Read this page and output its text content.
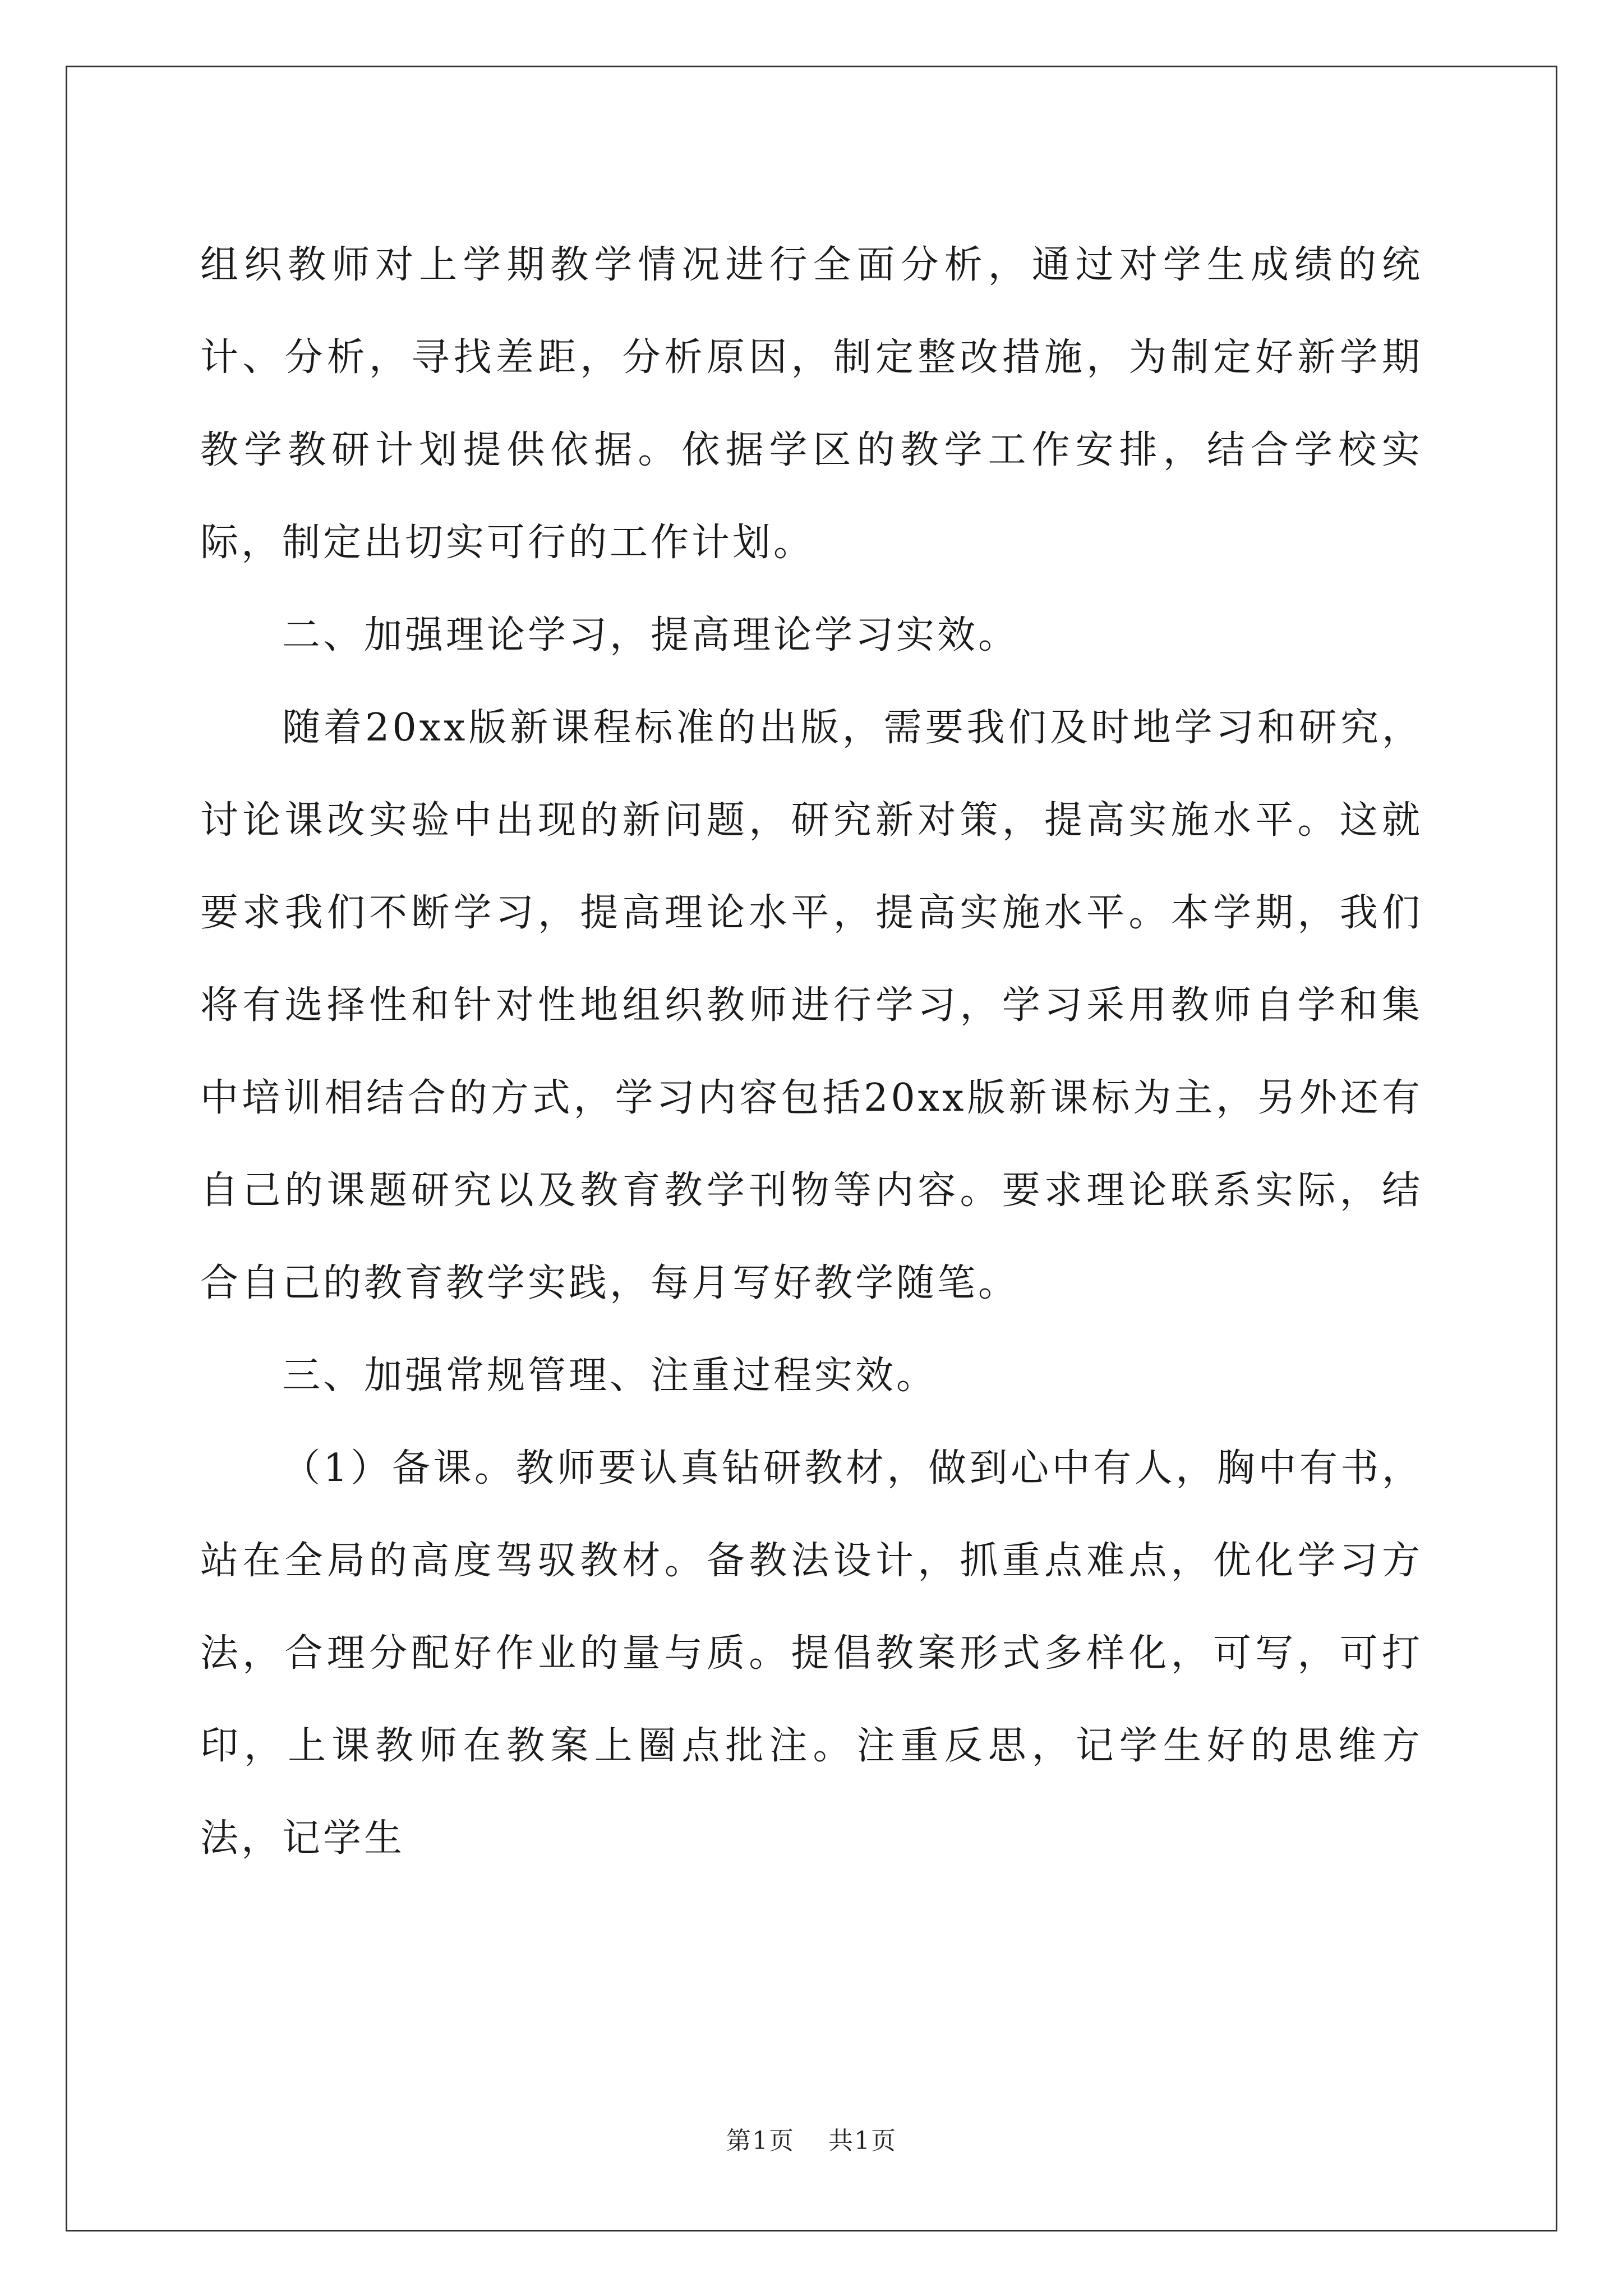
组织教师对上学期教学情况进行全面分析，通过对学生成绩的统计、分析，寻找差距，分析原因，制定整改措施，为制定好新学期教学教研计划提供依据。依据学区的教学工作安排，结合学校实际，制定出切实可行的工作计划。

二、加强理论学习，提高理论学习实效。

随着20xx版新课程标准的出版，需要我们及时地学习和研究，讨论课改实验中出现的新问题，研究新对策，提高实施水平。这就要求我们不断学习，提高理论水平，提高实施水平。本学期，我们将有选择性和针对性地组织教师进行学习，学习采用教师自学和集中培训相结合的方式，学习内容包括20xx版新课标为主，另外还有自己的课题研究以及教育教学刊物等内容。要求理论联系实际，结合自己的教育教学实践，每月写好教学随笔。

三、加强常规管理、注重过程实效。

（1）备课。教师要认真钻研教材，做到心中有人，胸中有书，站在全局的高度驾驭教材。备教法设计，抓重点难点，优化学习方法，合理分配好作业的量与质。提倡教案形式多样化，可写，可打印，上课教师在教案上圈点批注。注重反思，记学生好的思维方法，记学生

第1页 共1页
